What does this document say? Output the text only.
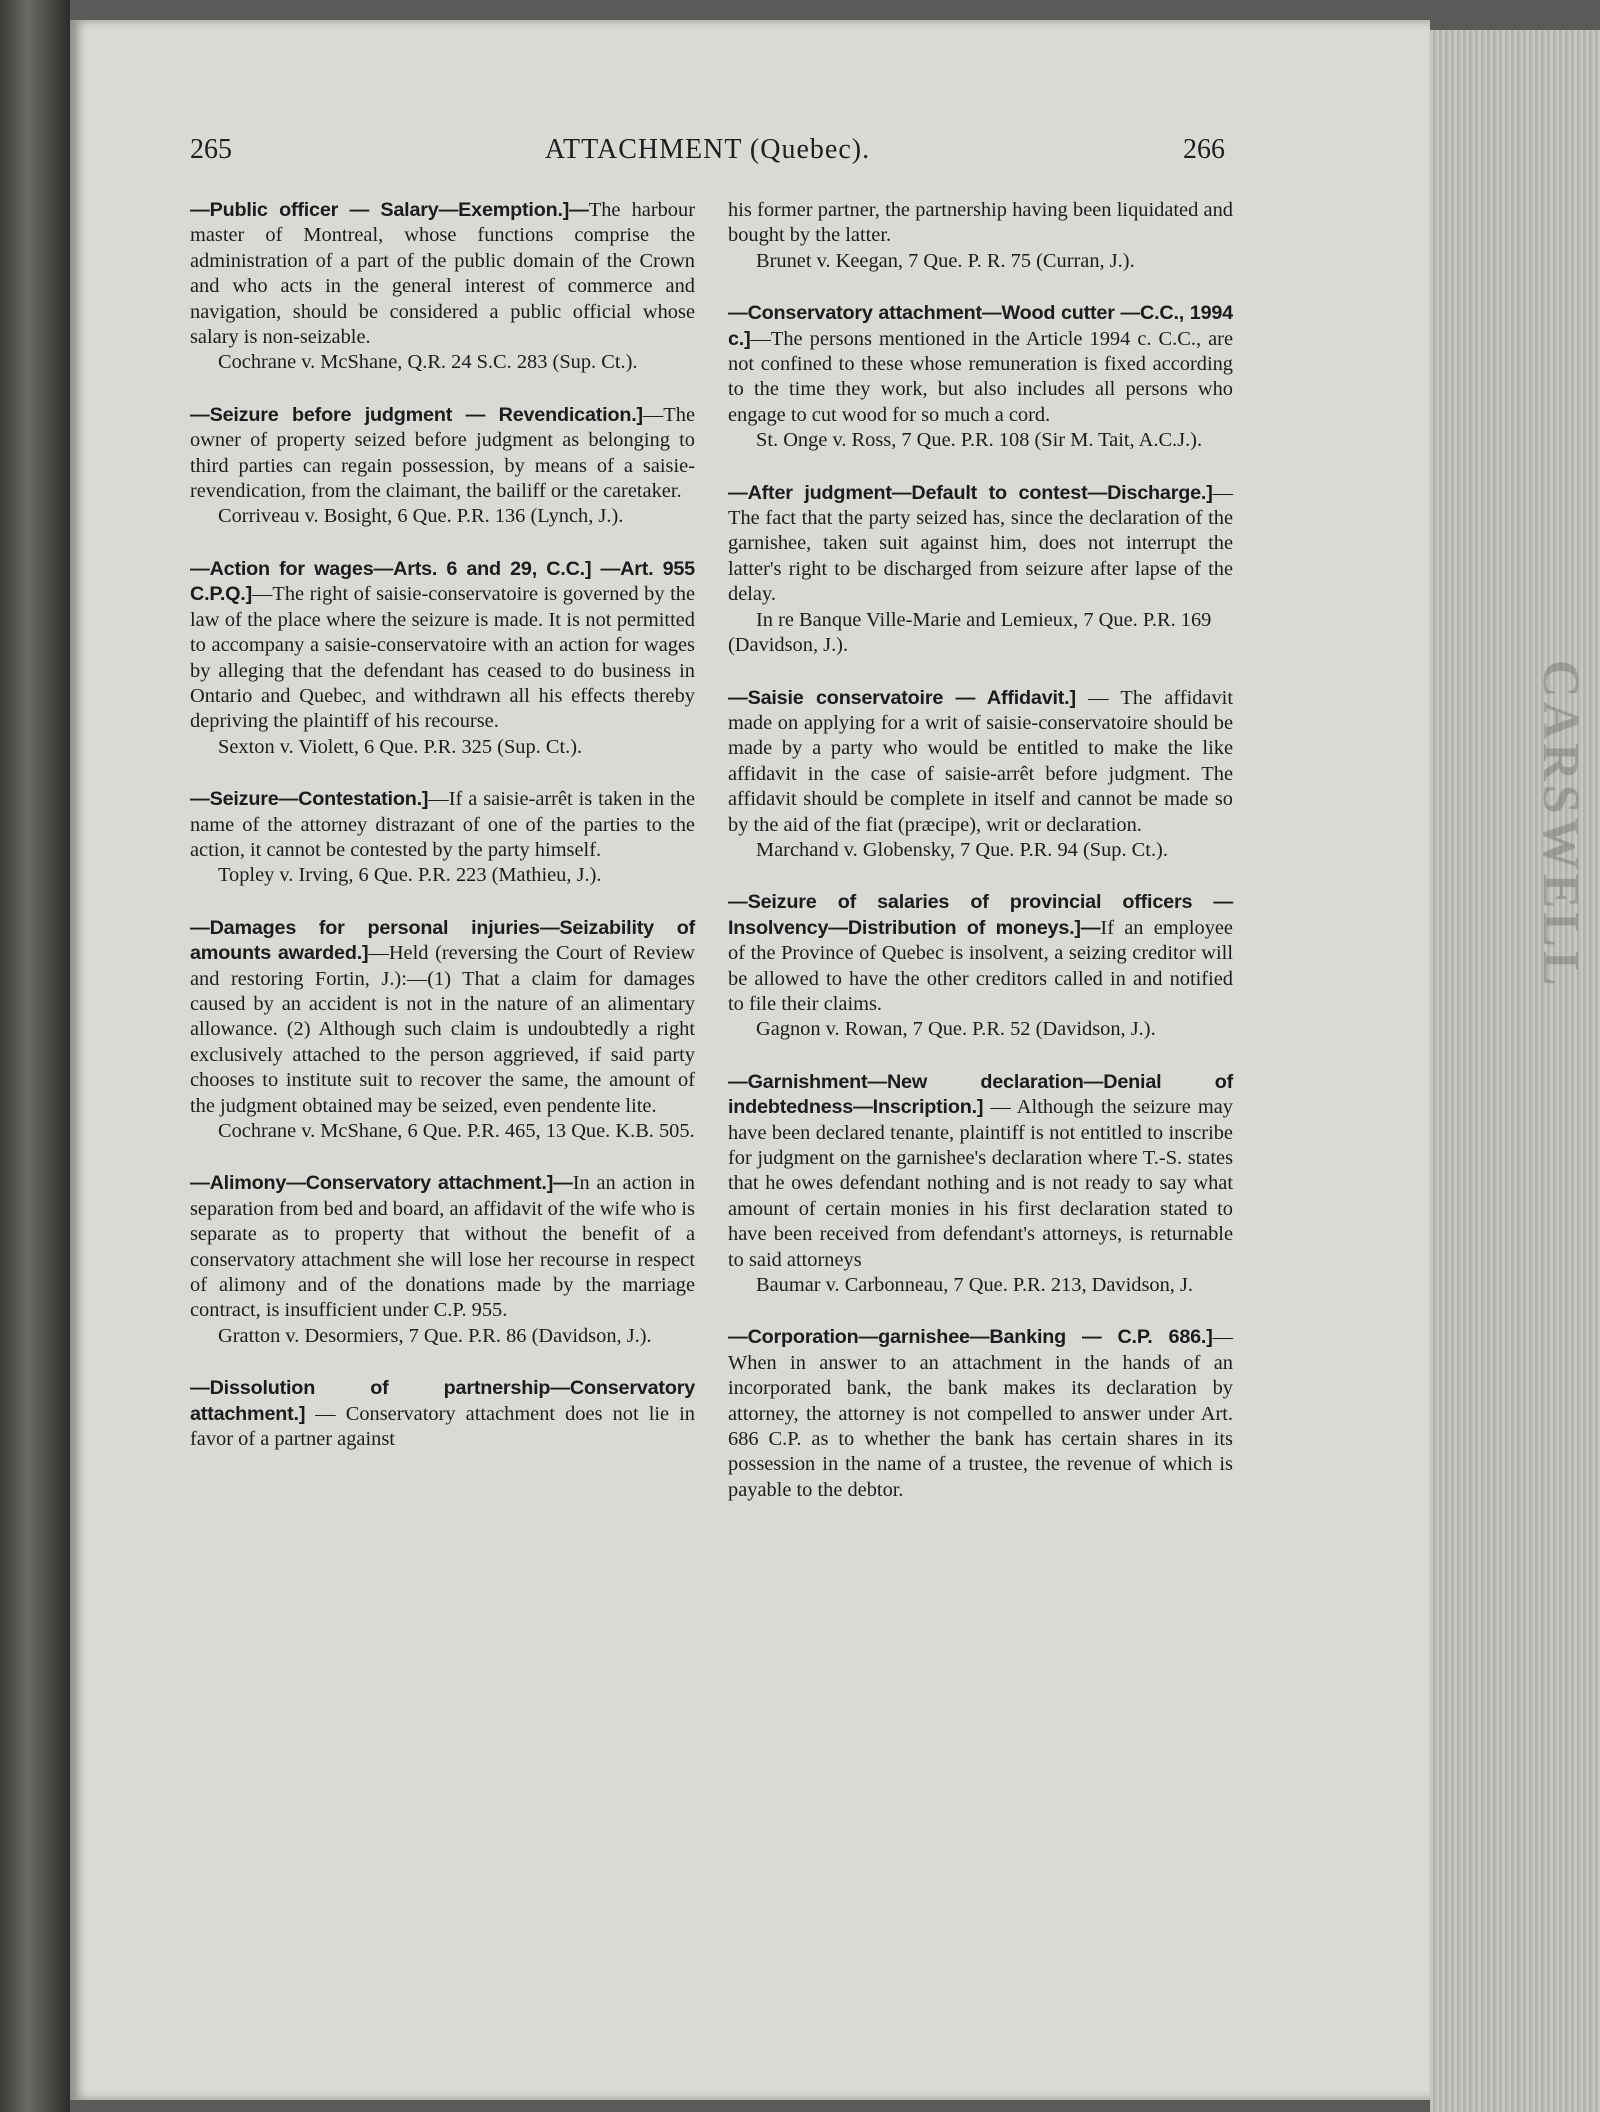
CARSWELL
265	ATTACHMENT (Quebec).	266

—Public officer — Salary—Exemption.]—The harbour master of Montreal, whose functions comprise the administration of a part of the public domain of the Crown and who acts in the general interest of commerce and navigation, should be considered a public official whose salary is non-seizable.

Cochrane v. McShane, Q.R. 24 S.C. 283 (Sup. Ct.).

—Seizure before judgment — Revendication.]—The owner of property seized before judgment as belonging to third parties can regain possession, by means of a saisie-revendication, from the claimant, the bailiff or the caretaker.

Corriveau v. Bosight, 6 Que. P.R. 136 (Lynch, J.).

—Action for wages—Arts. 6 and 29, C.C.] —Art. 955 C.P.Q.]—The right of saisie-conservatoire is governed by the law of the place where the seizure is made. It is not permitted to accompany a saisie-conservatoire with an action for wages by alleging that the defendant has ceased to do business in Ontario and Quebec, and withdrawn all his effects thereby depriving the plaintiff of his recourse.

Sexton v. Violett, 6 Que. P.R. 325 (Sup. Ct.).

—Seizure—Contestation.]—If a saisie-arrêt is taken in the name of the attorney distrazant of one of the parties to the action, it cannot be contested by the party himself.

Topley v. Irving, 6 Que. P.R. 223 (Mathieu, J.).

—Damages for personal injuries—Seizability of amounts awarded.]—Held (reversing the Court of Review and restoring Fortin, J.):—(1) That a claim for damages caused by an accident is not in the nature of an alimentary allowance. (2) Although such claim is undoubtedly a right exclusively attached to the person aggrieved, if said party chooses to institute suit to recover the same, the amount of the judgment obtained may be seized, even pendente lite.

Cochrane v. McShane, 6 Que. P.R. 465, 13 Que. K.B. 505.

—Alimony—Conservatory attachment.]—In an action in separation from bed and board, an affidavit of the wife who is separate as to property that without the benefit of a conservatory attachment she will lose her recourse in respect of alimony and of the donations made by the marriage contract, is insufficient under C.P. 955.

Gratton v. Desormiers, 7 Que. P.R. 86 (Davidson, J.).

—Dissolution of partnership—Conservatory attachment.] — Conservatory attachment does not lie in favor of a partner against

his former partner, the partnership having been liquidated and bought by the latter.

Brunet v. Keegan, 7 Que. P. R. 75 (Curran, J.).

—Conservatory attachment—Wood cutter —C.C., 1994 c.]—The persons mentioned in the Article 1994 c. C.C., are not confined to these whose remuneration is fixed according to the time they work, but also includes all persons who engage to cut wood for so much a cord.

St. Onge v. Ross, 7 Que. P.R. 108 (Sir M. Tait, A.C.J.).

—After judgment—Default to contest—Discharge.]—The fact that the party seized has, since the declaration of the garnishee, taken suit against him, does not interrupt the latter's right to be discharged from seizure after lapse of the delay.

In re Banque Ville-Marie and Lemieux, 7 Que. P.R. 169 (Davidson, J.).

—Saisie conservatoire — Affidavit.] — The affidavit made on applying for a writ of saisie-conservatoire should be made by a party who would be entitled to make the like affidavit in the case of saisie-arrêt before judgment. The affidavit should be complete in itself and cannot be made so by the aid of the fiat (præcipe), writ or declaration.

Marchand v. Globensky, 7 Que. P.R. 94 (Sup. Ct.).

—Seizure of salaries of provincial officers —Insolvency—Distribution of moneys.]—If an employee of the Province of Quebec is insolvent, a seizing creditor will be allowed to have the other creditors called in and notified to file their claims.

Gagnon v. Rowan, 7 Que. P.R. 52 (Davidson, J.).

—Garnishment—New declaration—Denial of indebtedness—Inscription.] — Although the seizure may have been declared tenante, plaintiff is not entitled to inscribe for judgment on the garnishee's declaration where T.-S. states that he owes defendant nothing and is not ready to say what amount of certain monies in his first declaration stated to have been received from defendant's attorneys, is returnable to said attorneys

Baumar v. Carbonneau, 7 Que. P.R. 213, Davidson, J.

—Corporation—garnishee—Banking — C.P. 686.]—When in answer to an attachment in the hands of an incorporated bank, the bank makes its declaration by attorney, the attorney is not compelled to answer under Art. 686 C.P. as to whether the bank has certain shares in its possession in the name of a trustee, the revenue of which is payable to the debtor.
